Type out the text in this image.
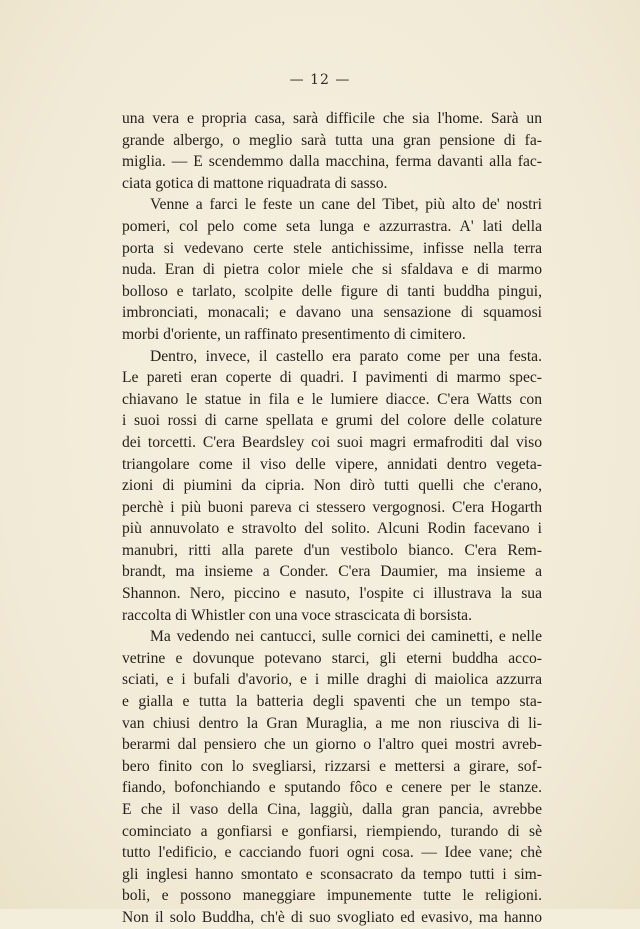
— 12 —
una vera e propria casa, sarà difficile che sia l'home. Sarà un
grande albergo, o meglio sarà tutta una gran pensione di fa-
miglia. — E scendemmo dalla macchina, ferma davanti alla fac-
ciata gotica di mattone riquadrata di sasso.
Venne a farci le feste un cane del Tibet, più alto de' nostri
pomeri, col pelo come seta lunga e azzurrastra. A' lati della
porta si vedevano certe stele antichissime, infisse nella terra
nuda. Eran di pietra color miele che si sfaldava e di marmo
bolloso e tarlato, scolpite delle figure di tanti buddha pingui,
imbronciati, monacali; e davano una sensazione di squamosi
morbi d'oriente, un raffinato presentimento di cimitero.
Dentro, invece, il castello era parato come per una festa.
Le pareti eran coperte di quadri. I pavimenti di marmo spec-
chiavano le statue in fila e le lumiere diacce. C'era Watts con
i suoi rossi di carne spellata e grumi del colore delle colature
dei torcetti. C'era Beardsley coi suoi magri ermafroditi dal viso
triangolare come il viso delle vipere, annidati dentro vegeta-
zioni di piumini da cipria. Non dirò tutti quelli che c'erano,
perchè i più buoni pareva ci stessero vergognosi. C'era Hogarth
più annuvolato e stravolto del solito. Alcuni Rodin facevano i
manubri, ritti alla parete d'un vestibolo bianco. C'era Rem-
brandt, ma insieme a Conder. C'era Daumier, ma insieme a
Shannon. Nero, piccino e nasuto, l'ospite ci illustrava la sua
raccolta di Whistler con una voce strascicata di borsista.
Ma vedendo nei cantucci, sulle cornici dei caminetti, e nelle
vetrine e dovunque potevano starci, gli eterni buddha acco-
sciati, e i bufali d'avorio, e i mille draghi di maiolica azzurra
e gialla e tutta la batteria degli spaventi che un tempo sta-
van chiusi dentro la Gran Muraglia, a me non riusciva di li-
berarmi dal pensiero che un giorno o l'altro quei mostri avreb-
bero finito con lo svegliarsi, rizzarsi e mettersi a girare, sof-
fiando, bofonchiando e sputando fôco e cenere per le stanze.
E che il vaso della Cina, laggiù, dalla gran pancia, avrebbe
cominciato a gonfiarsi e gonfiarsi, riempiendo, turando di sè
tutto l'edificio, e cacciando fuori ogni cosa. — Idee vane; chè
gli inglesi hanno smontato e sconsacrato da tempo tutti i sim-
boli, e possono maneggiare impunemente tutte le religioni.
Non il solo Buddha, ch'è di suo svogliato ed evasivo, ma hanno
